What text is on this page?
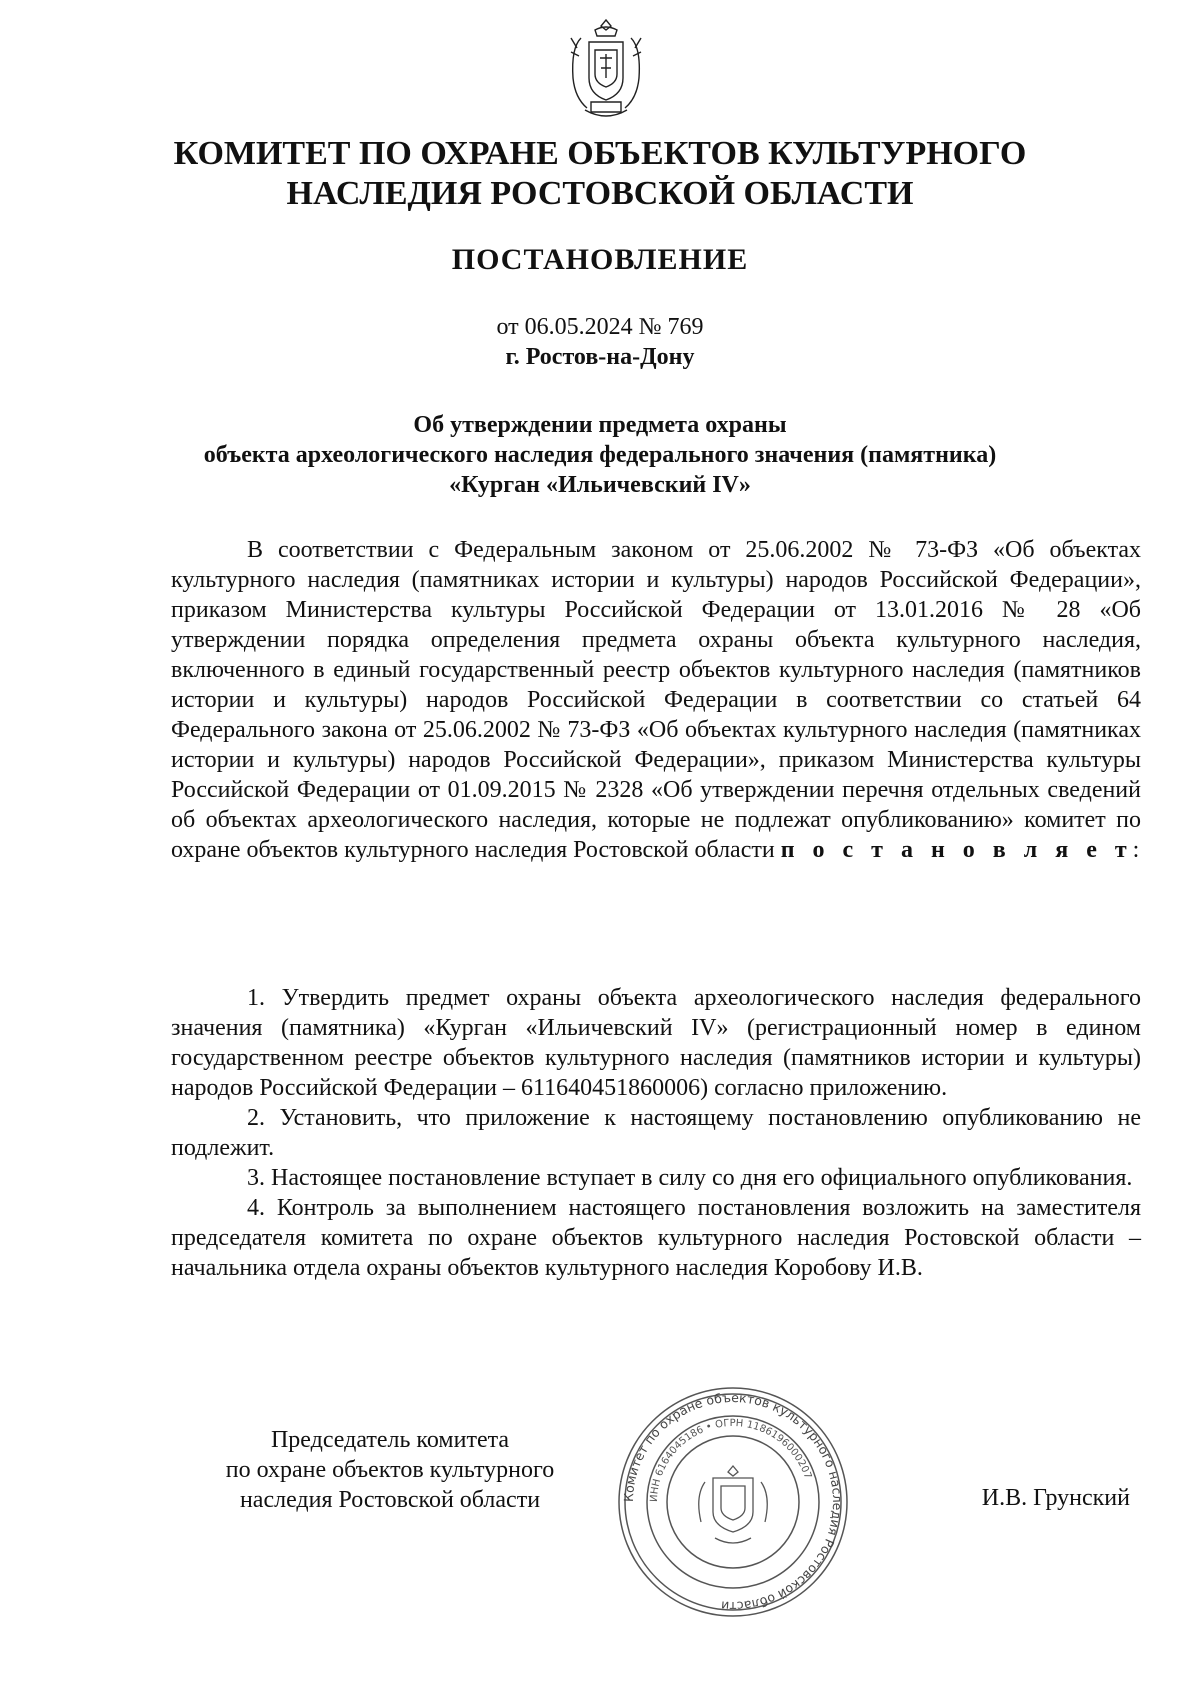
КОМИТЕТ ПО ОХРАНЕ ОБЪЕКТОВ КУЛЬТУРНОГО
НАСЛЕДИЯ РОСТОВСКОЙ ОБЛАСТИ
ПОСТАНОВЛЕНИЕ
от 06.05.2024 № 769
г. Ростов-на-Дону
Об утверждении предмета охраны
объекта археологического наследия федерального значения (памятника)
«Курган «Ильичевский IV»

В соответствии с Федеральным законом от 25.06.2002 № 73-ФЗ «Об объектах культурного наследия (памятниках истории и культуры) народов Российской Федерации», приказом Министерства культуры Российской Федерации от 13.01.2016 № 28 «Об утверждении порядка определения предмета охраны объекта культурного наследия, включенного в единый государственный реестр объектов культурного наследия (памятников истории и культуры) народов Российской Федерации в соответствии со статьей 64 Федерального закона от 25.06.2002 № 73-ФЗ «Об объектах культурного наследия (памятниках истории и культуры) народов Российской Федерации», приказом Министерства культуры Российской Федерации от 01.09.2015 № 2328 «Об утверждении перечня отдельных сведений об объектах археологического наследия, которые не подлежат опубликованию» комитет по охране объектов культурного наследия Ростовской области п о с т а н о в л я е т:

1. Утвердить предмет охраны объекта археологического наследия федерального значения (памятника) «Курган «Ильичевский IV» (регистрационный номер в едином государственном реестре объектов культурного наследия (памятников истории и культуры) народов Российской Федерации – 611640451860006) согласно приложению.

2. Установить, что приложение к настоящему постановлению опубликованию не подлежит.

3. Настоящее постановление вступает в силу со дня его официального опубликования.

4. Контроль за выполнением настоящего постановления возложить на заместителя председателя комитета по охране объектов культурного наследия Ростовской области – начальника отдела охраны объектов культурного наследия Коробову И.В.

Председатель комитета
по охране объектов культурного
наследия Ростовской области	Комитет по охране объектов культурного наследия Ростовской области
ИНН 6164045186 • ОГРН 1186196000207
И.В. Грунский
